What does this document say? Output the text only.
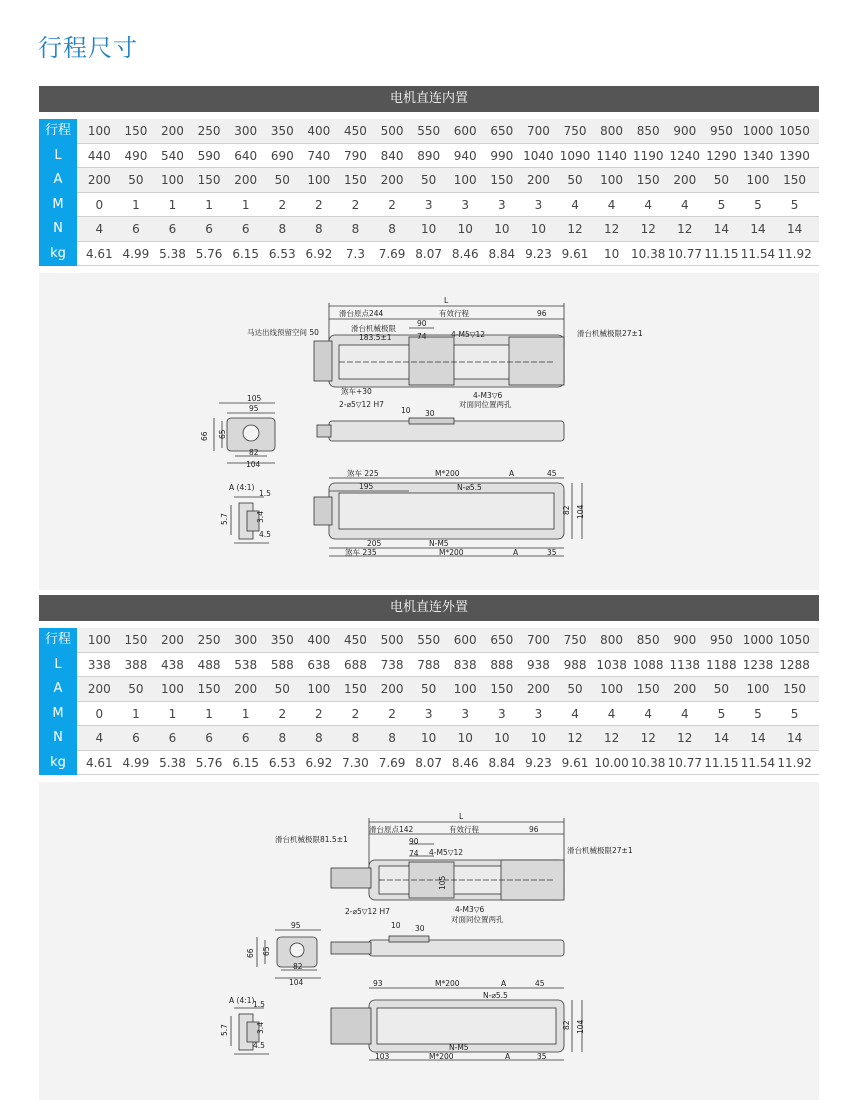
行程尺寸
电机直连内置
行程	100	150	200	250	300	350	400	450	500	550	600	650	700	750	800	850	900	950 1000 1050
L	440	490	540	590	640	690	740	790	840	890	940	990 1040 1090 1140 1190 1240 1290 1340 1390
A	200	50	100	150	200	50	100	150	200	50	100	150	200	50	100	150	200	50	100	150
M	0	1	1	1	1	2	2	2	2	3	3	3	3	4	4	4	4	5	5	5
N	4	6	6	6	6	8	8	8	8	10	10	10	10	12	12	12	12	14	14	14
kg	4.61 4.99 5.38 5.76 6.15 6.53 6.92	7.3	7.69 8.07 8.46 8.84 9.23 9.61	10 10.38 10.77 11.15 11.54 11.92
L
滑台原点244	有效行程	96
马达出线预留空间 50	滑台机械极限
183.5±1	滑台机械极限27±1
90
74	4-M5▽12
煞车+30
2-⌀5▽12 H7
4-M3▽6
对面同位置两孔
105
95
66 65
82
104
10 30
煞车 225	M*200	A	45
195	N-⌀5.5
A (4:1)
1.5
5.7	3.4
4.5
205	N-M5
煞车 235	M*200	A	35
82 104
电机直连外置
行程	100	150	200	250	300	350	400	450	500	550	600	650	700	750	800	850	900	950 1000 1050
L	338	388	438	488	538	588	638	688	738	788	838	888	938	988 1038 1088 1138 1188 1238 1288
A	200	50	100	150	200	50	100	150	200	50	100	150	200	50	100	150	200	50	100	150
M	0	1	1	1	1	2	2	2	2	3	3	3	3	4	4	4	4	5	5	5
N	4	6	6	6	6	8	8	8	8	10	10	10	10	12	12	12	12	14	14	14
kg	4.61 4.99 5.38 5.76 6.15 6.53 6.92 7.30 7.69 8.07 8.46 8.84 9.23 9.61 10.00 10.38 10.77 11.15 11.54 11.92
L
滑台机械极限81.5±1
滑台原点142	有效行程	96
滑台机械极限27±1
90
74 4-M5▽12
105
2-⌀5▽12 H7	4-M3▽6
对面同位置两孔
10 30
95
66 65
82
104	93	M*200	A	45
N-⌀5.5
A (4:1)
1.5
5.7	3.4
4.5	N-M5
103	M*200	A	35
82 104
